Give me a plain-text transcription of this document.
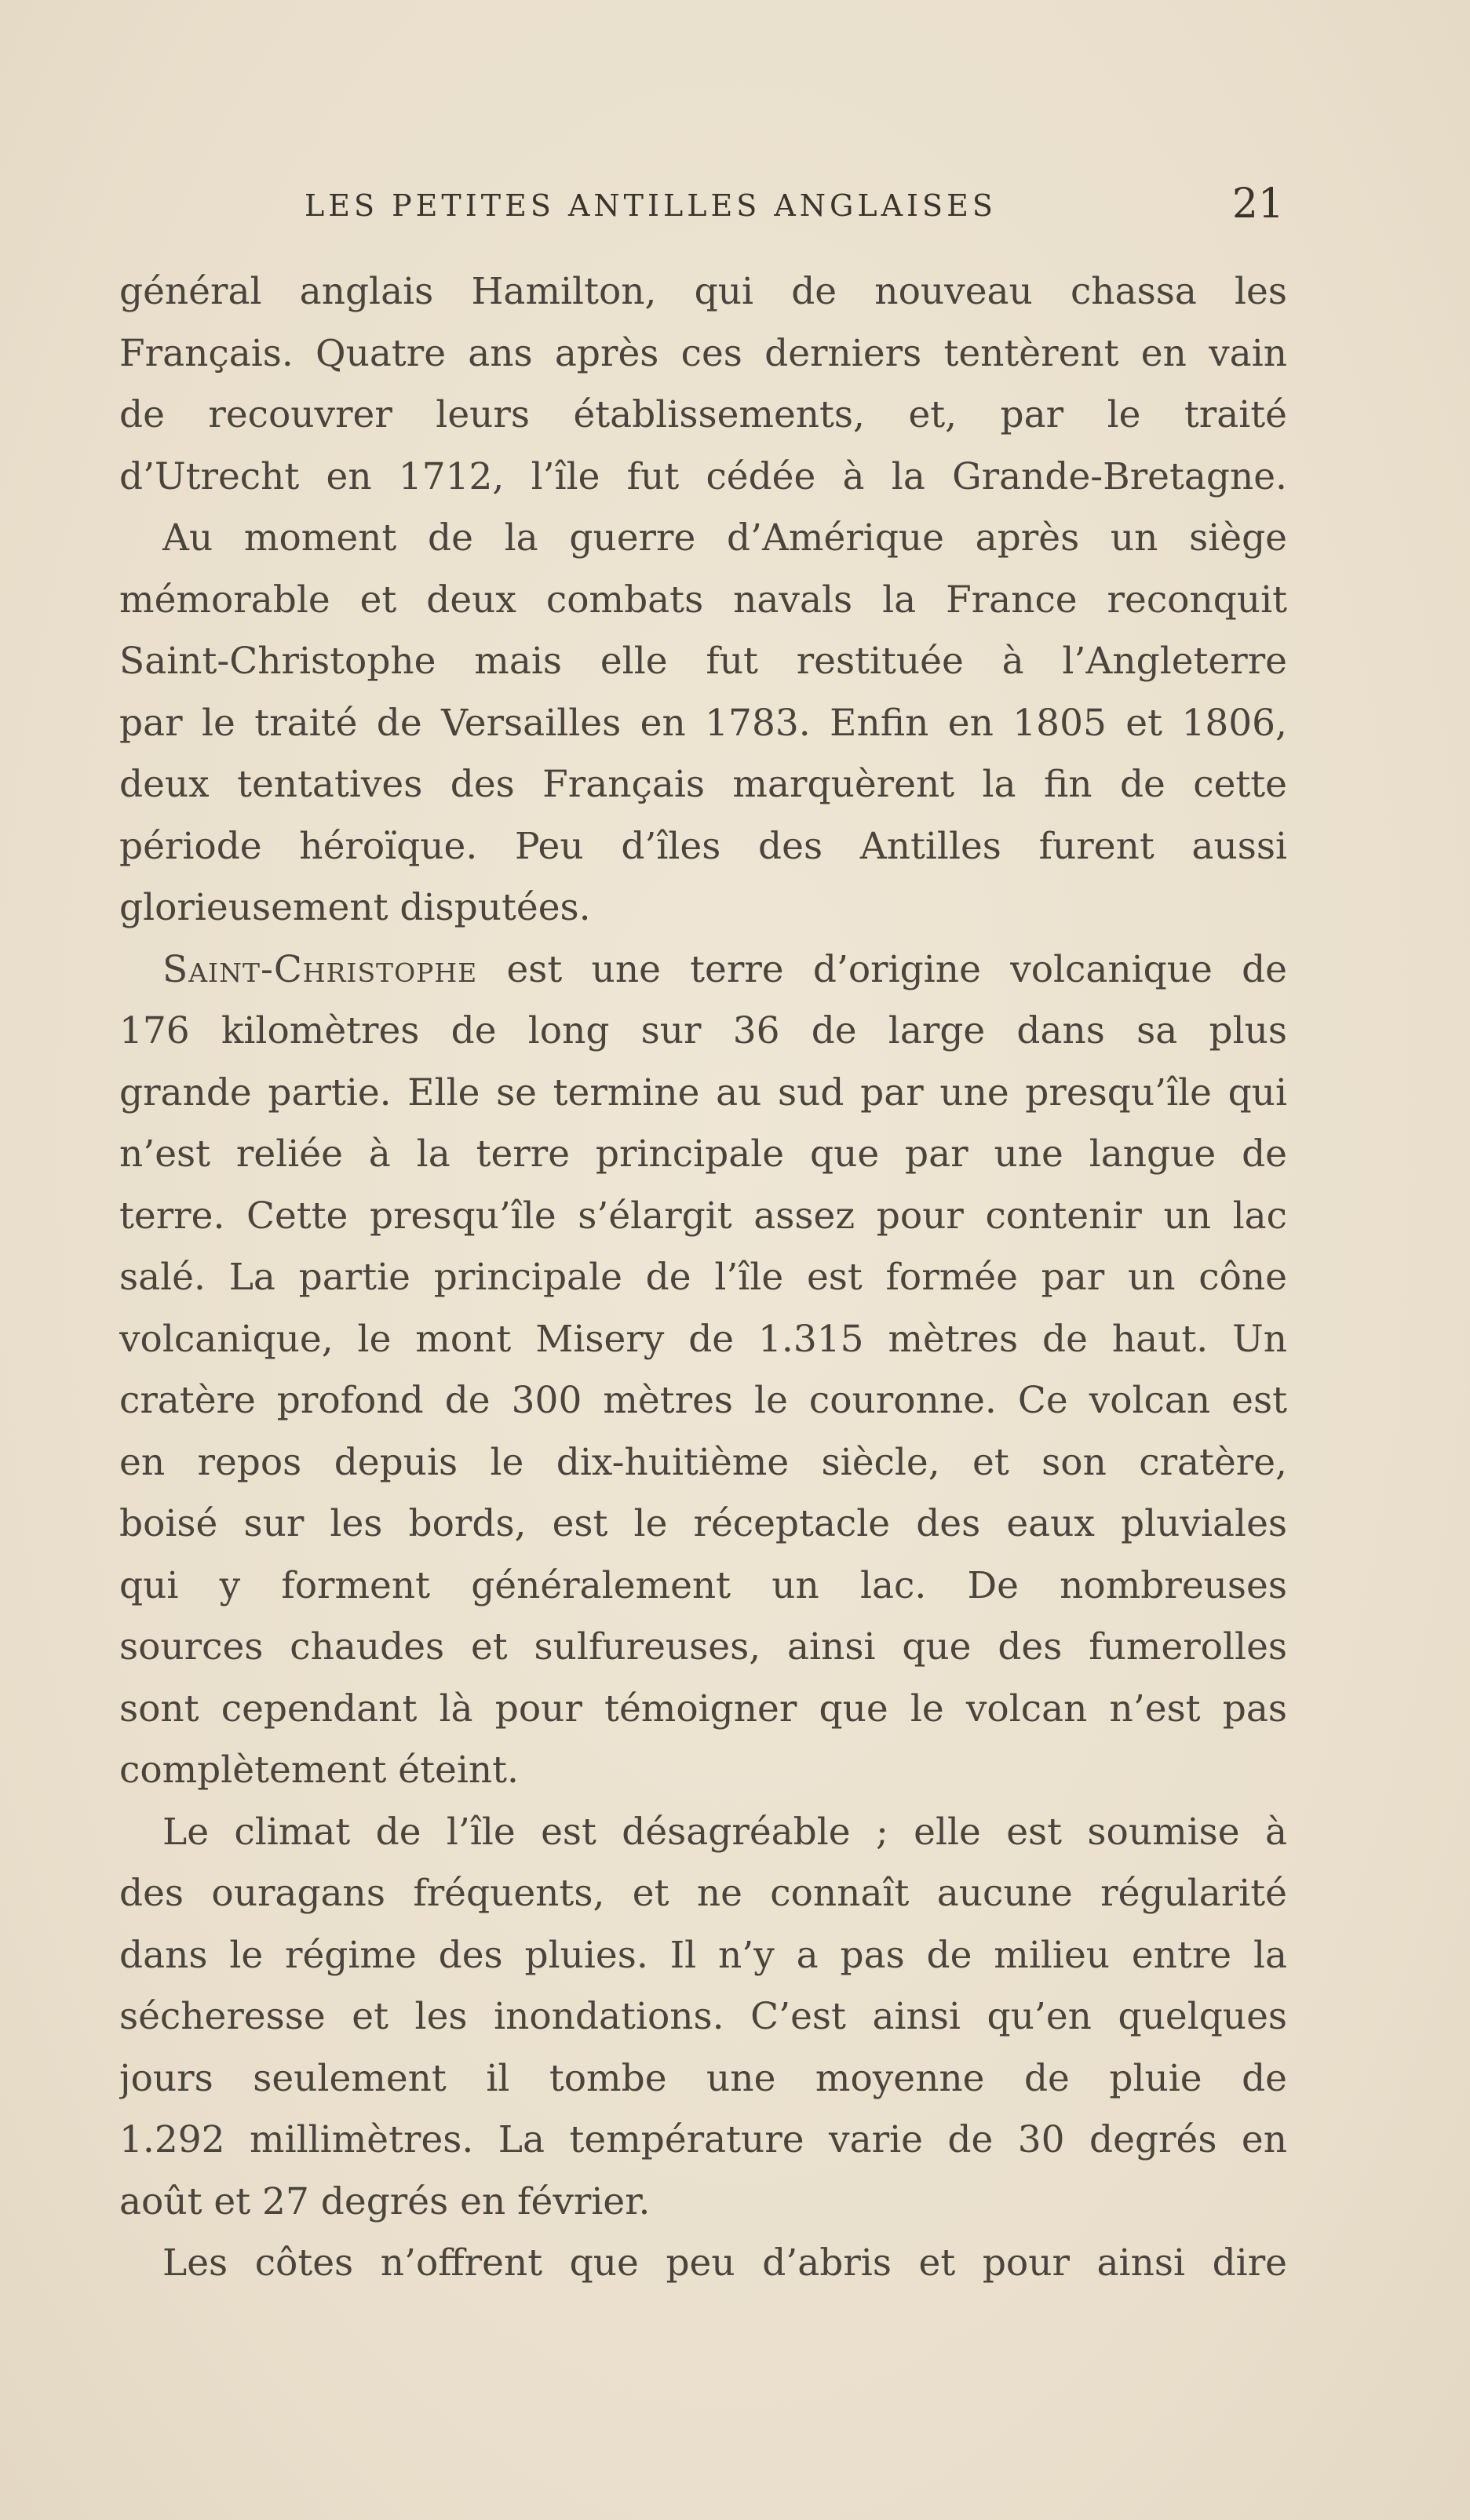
LES PETITES ANTILLES ANGLAISES	21
général anglais Hamilton, qui de nouveau chassa les
Français. Quatre ans après ces derniers tentèrent en vain
de recouvrer leurs établissements, et, par le traité
d’Utrecht en 1712, l’île fut cédée à la Grande-Bretagne.
Au moment de la guerre d’Amérique après un siège
mémorable et deux combats navals la France reconquit
Saint-Christophe mais elle fut restituée à l’Angleterre
par le traité de Versailles en 1783. Enfin en 1805 et 1806,
deux tentatives des Français marquèrent la fin de cette
période héroïque. Peu d’îles des Antilles furent aussi
glorieusement disputées.
Saint-Christophe est une terre d’origine volcanique de
176 kilomètres de long sur 36 de large dans sa plus
grande partie. Elle se termine au sud par une presqu’île qui
n’est reliée à la terre principale que par une langue de
terre. Cette presqu’île s’élargit assez pour contenir un lac
salé. La partie principale de l’île est formée par un cône
volcanique, le mont Misery de 1.315 mètres de haut. Un
cratère profond de 300 mètres le couronne. Ce volcan est
en repos depuis le dix-huitième siècle, et son cratère,
boisé sur les bords, est le réceptacle des eaux pluviales
qui y forment généralement un lac. De nombreuses
sources chaudes et sulfureuses, ainsi que des fumerolles
sont cependant là pour témoigner que le volcan n’est pas
complètement éteint.
Le climat de l’île est désagréable ; elle est soumise à
des ouragans fréquents, et ne connaît aucune régularité
dans le régime des pluies. Il n’y a pas de milieu entre la
sécheresse et les inondations. C’est ainsi qu’en quelques
jours seulement il tombe une moyenne de pluie de
1.292 millimètres. La température varie de 30 degrés en
août et 27 degrés en février.
Les côtes n’offrent que peu d’abris et pour ainsi dire
